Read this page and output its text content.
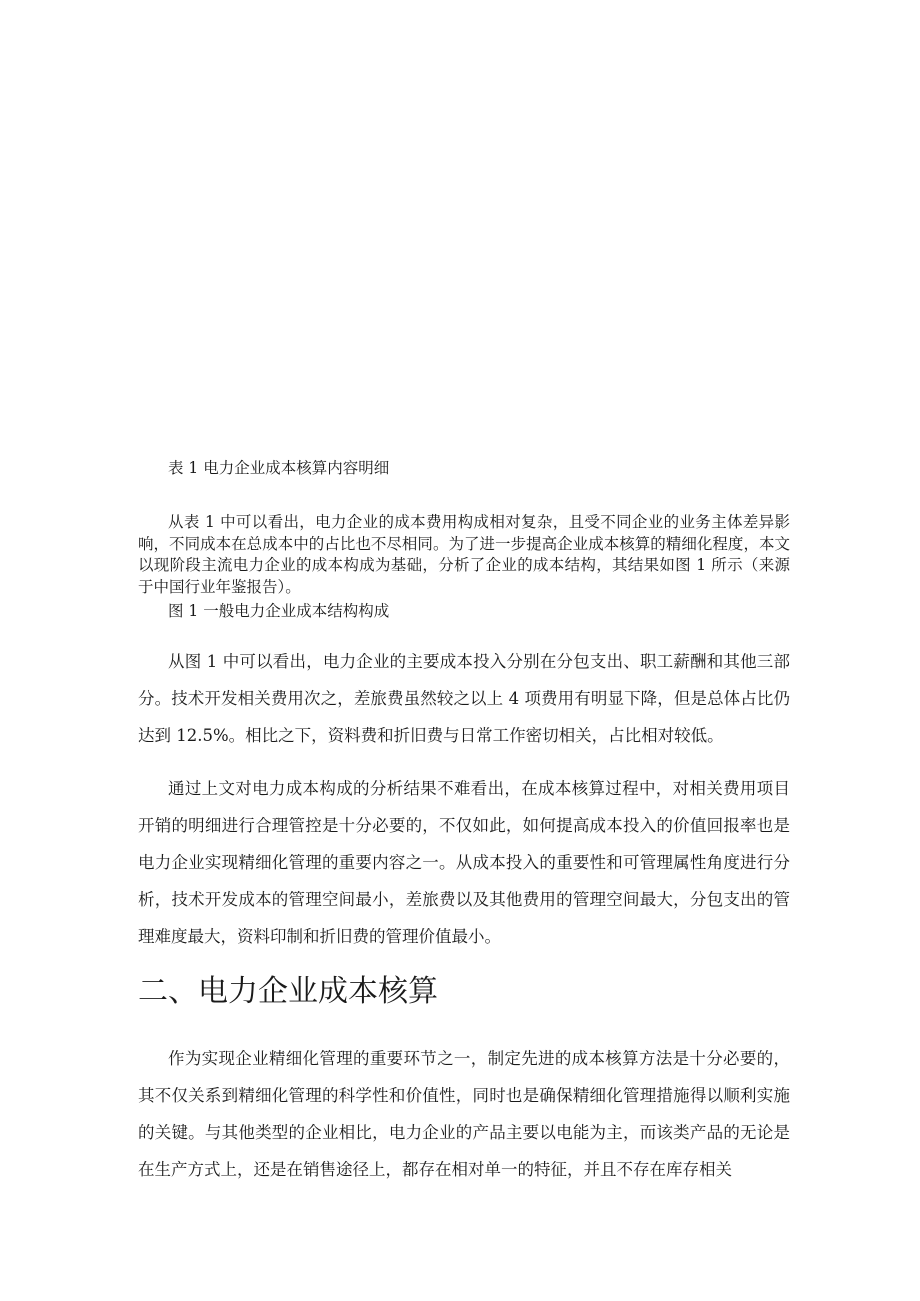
表 1 电力企业成本核算内容明细

从表 1 中可以看出，电力企业的成本费用构成相对复杂，且受不同企业的业务主体差异影响，不同成本在总成本中的占比也不尽相同。为了进一步提高企业成本核算的精细化程度，本文以现阶段主流电力企业的成本构成为基础，分析了企业的成本结构，其结果如图 1 所示（来源于中国行业年鉴报告）。

图 1 一般电力企业成本结构构成

从图 1 中可以看出，电力企业的主要成本投入分别在分包支出、职工薪酬和其他三部分。技术开发相关费用次之，差旅费虽然较之以上 4 项费用有明显下降，但是总体占比仍达到 12.5%。相比之下，资料费和折旧费与日常工作密切相关，占比相对较低。

通过上文对电力成本构成的分析结果不难看出，在成本核算过程中，对相关费用项目开销的明细进行合理管控是十分必要的，不仅如此，如何提高成本投入的价值回报率也是电力企业实现精细化管理的重要内容之一。从成本投入的重要性和可管理属性角度进行分析，技术开发成本的管理空间最小，差旅费以及其他费用的管理空间最大，分包支出的管理难度最大，资料印制和折旧费的管理价值最小。

二、电力企业成本核算

作为实现企业精细化管理的重要环节之一，制定先进的成本核算方法是十分必要的，其不仅关系到精细化管理的科学性和价值性，同时也是确保精细化管理措施得以顺利实施的关键。与其他类型的企业相比，电力企业的产品主要以电能为主，而该类产品的无论是在生产方式上，还是在销售途径上，都存在相对单一的特征，并且不存在库存相关
